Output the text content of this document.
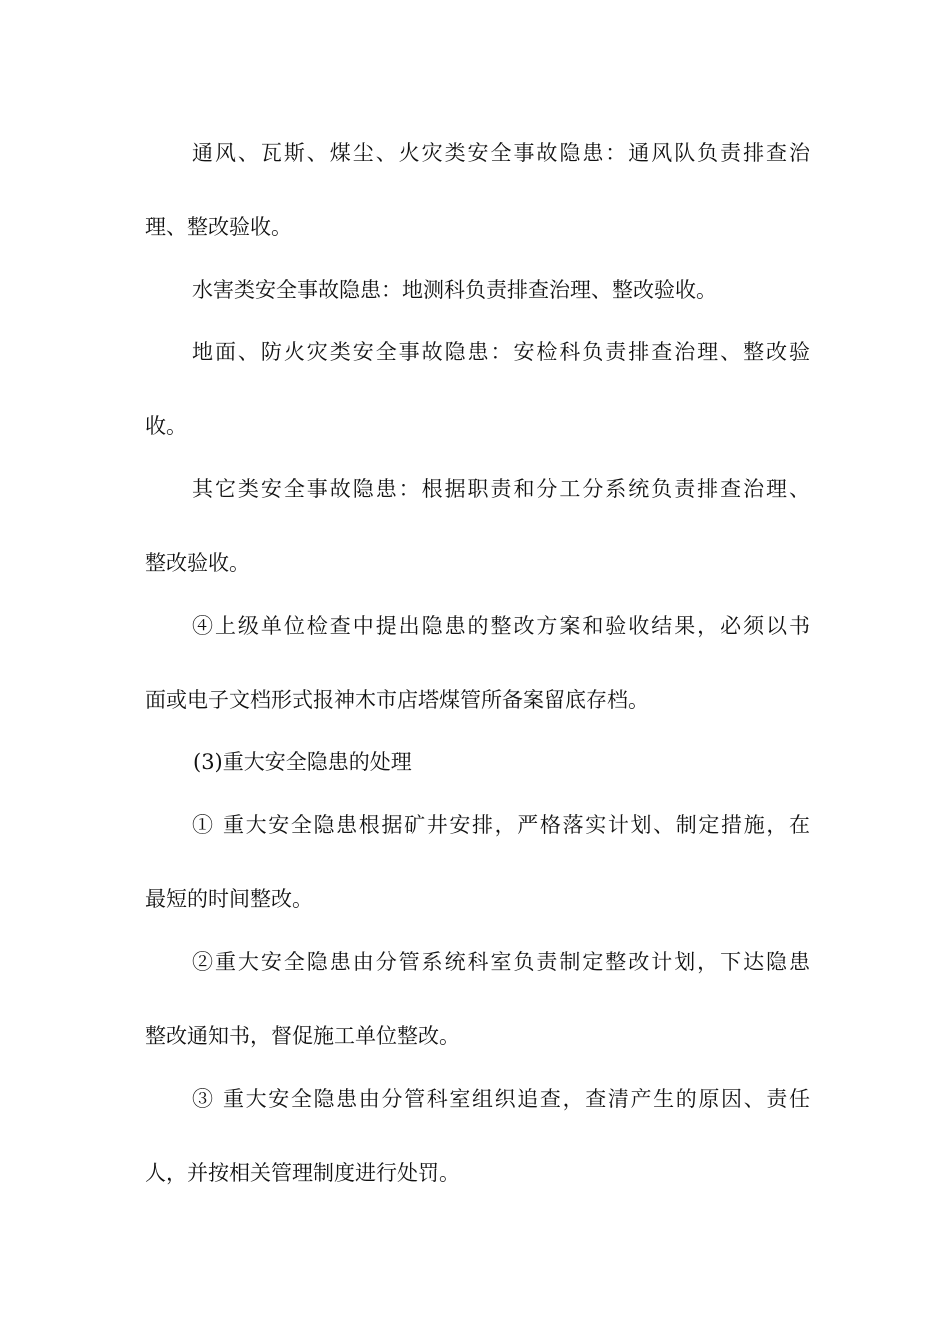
通风、瓦斯、煤尘、火灾类安全事故隐患：通风队负责排查治

理、整改验收。

水害类安全事故隐患：地测科负责排查治理、整改验收。

地面、防火灾类安全事故隐患：安检科负责排查治理、整改验

收。

其它类安全事故隐患：根据职责和分工分系统负责排查治理、

整改验收。

④上级单位检查中提出隐患的整改方案和验收结果，必须以书

面或电子文档形式报神木市店塔煤管所备案留底存档。

(3)重大安全隐患的处理

① 重大安全隐患根据矿井安排，严格落实计划、制定措施，在

最短的时间整改。

②重大安全隐患由分管系统科室负责制定整改计划，下达隐患

整改通知书，督促施工单位整改。

③ 重大安全隐患由分管科室组织追查，查清产生的原因、责任

人，并按相关管理制度进行处罚。
